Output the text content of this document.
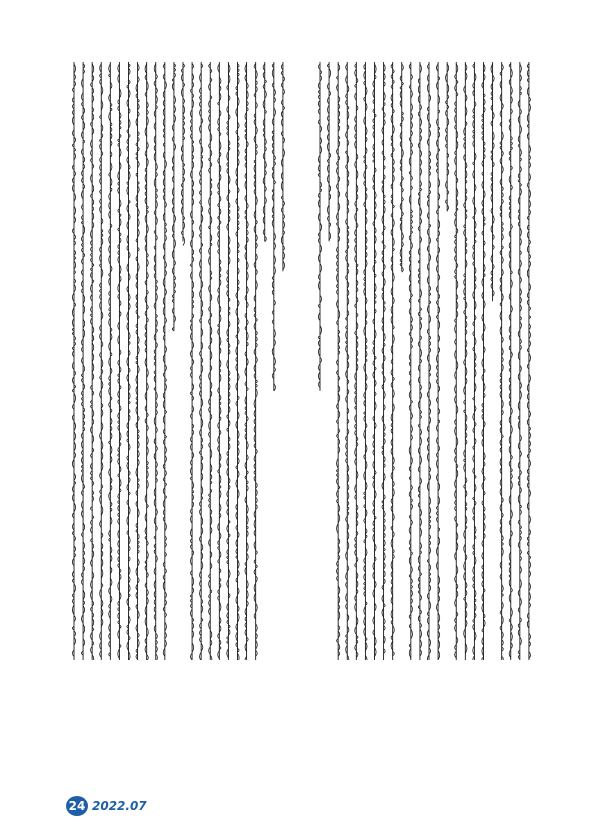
24 2022.07
